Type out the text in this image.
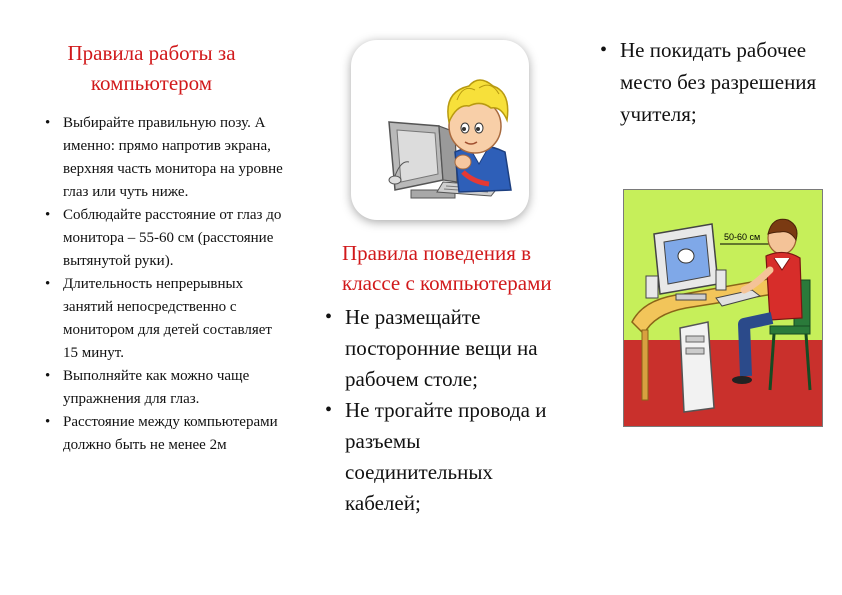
Правила работы за компьютером
• Выбирайте правильную позу. А именно: прямо напротив экрана, верхняя часть монитора на уровне глаз или чуть ниже.
• Соблюдайте расстояние от глаз до монитора – 55-60 см (расстояние вытянутой руки).
• Длительность непрерывных занятий непосредственно с монитором для детей составляет 15 минут.
• Выполняйте как можно чаще упражнения для глаз.
• Расстояние между компьютерами должно быть не менее 2м
Правила поведения в классе с компьютерами
• Не размещайте посторонние вещи на рабочем столе;
• Не трогайте провода и разъемы соединительных кабелей;
• Не покидать рабочее место без разрешения учителя;
50-60 см
